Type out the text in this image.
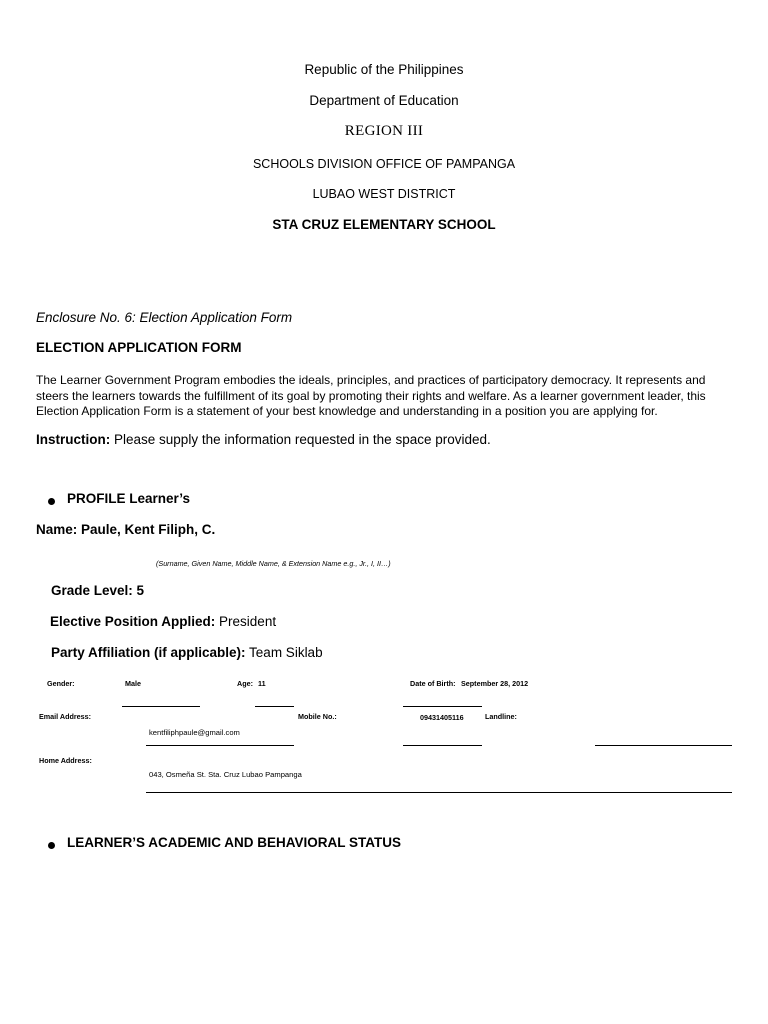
Republic of the Philippines
Department of Education
REGION III
SCHOOLS DIVISION OFFICE OF PAMPANGA
LUBAO WEST DISTRICT
STA CRUZ ELEMENTARY SCHOOL
Enclosure No. 6: Election Application Form
ELECTION APPLICATION FORM
The Learner Government Program embodies the ideals, principles, and practices of participatory democracy. It represents and steers the learners towards the fulfillment of its goal by promoting their rights and welfare. As a learner government leader, this Election Application Form is a statement of your best knowledge and understanding in a position you are applying for.
Instruction: Please supply the information requested in the space provided.
PROFILE Learner’s
Name: Paule, Kent Filiph, C.
(Surname, Given Name, Middle Name, & Extension Name e.g., Jr., I, II…)
Grade Level: 5
Elective Position Applied: President
Party Affiliation (if applicable): Team Siklab
Gender:	Male	Age: 11	Date of Birth: September 28, 2012
Email Address:
kentfiliphpaule@gmail.com
Mobile No.:	09431405116	Landline:
Home Address:
043, Osmeña St. Sta. Cruz Lubao Pampanga
LEARNER’S ACADEMIC AND BEHAVIORAL STATUS
